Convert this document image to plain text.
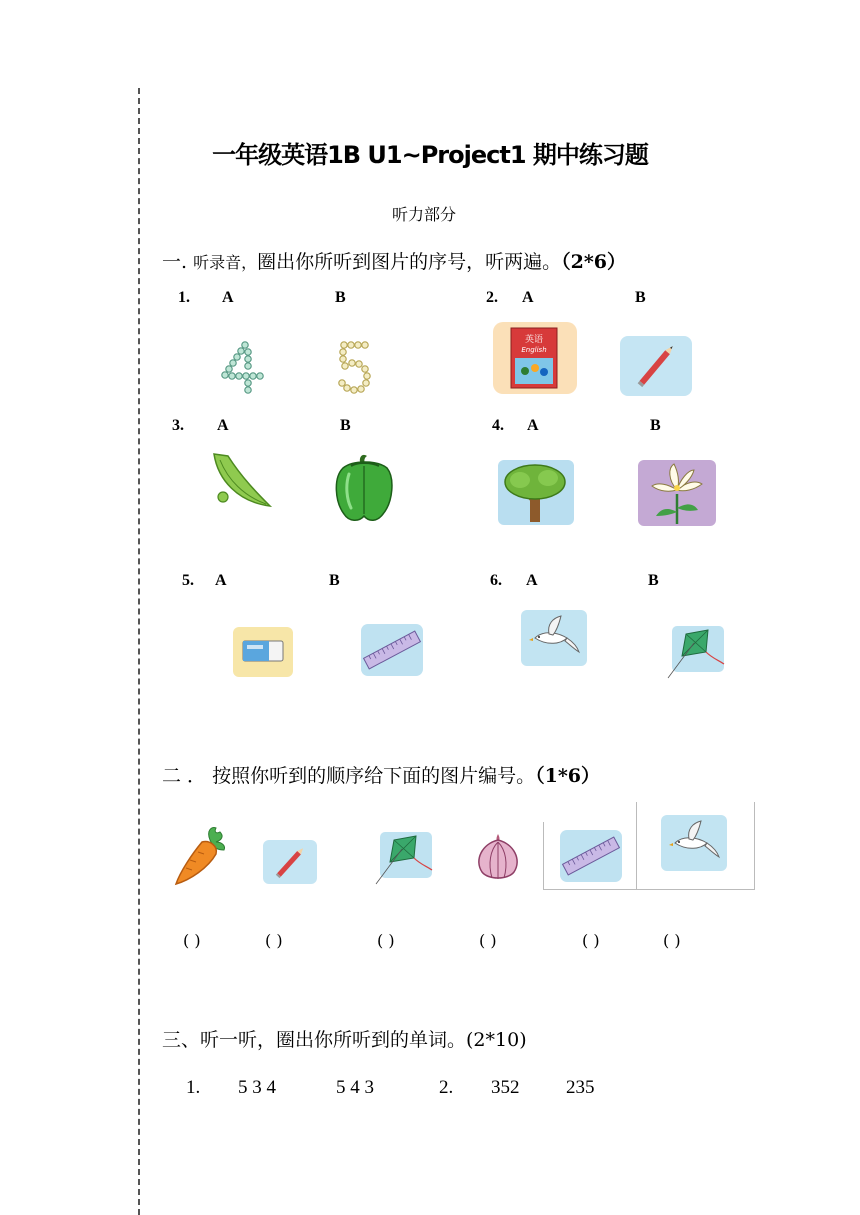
一年级英语1B U1~Project1 期中练习题
听力部分
一. 听录音，圈出你所听到图片的序号，听两遍。（2*6）
1. A	B	2. A	B
英语
English
3. A	B	4. A	B
5. A	B	6. A	B
二 ． 按照你听到的顺序给下面的图片编号。（1*6）
( )	( )	( )	( )	( )	( )
三、听一听，圈出你所听到的单词。(2*10)
1. 5 3 4	5 4 3	2. 352 235
